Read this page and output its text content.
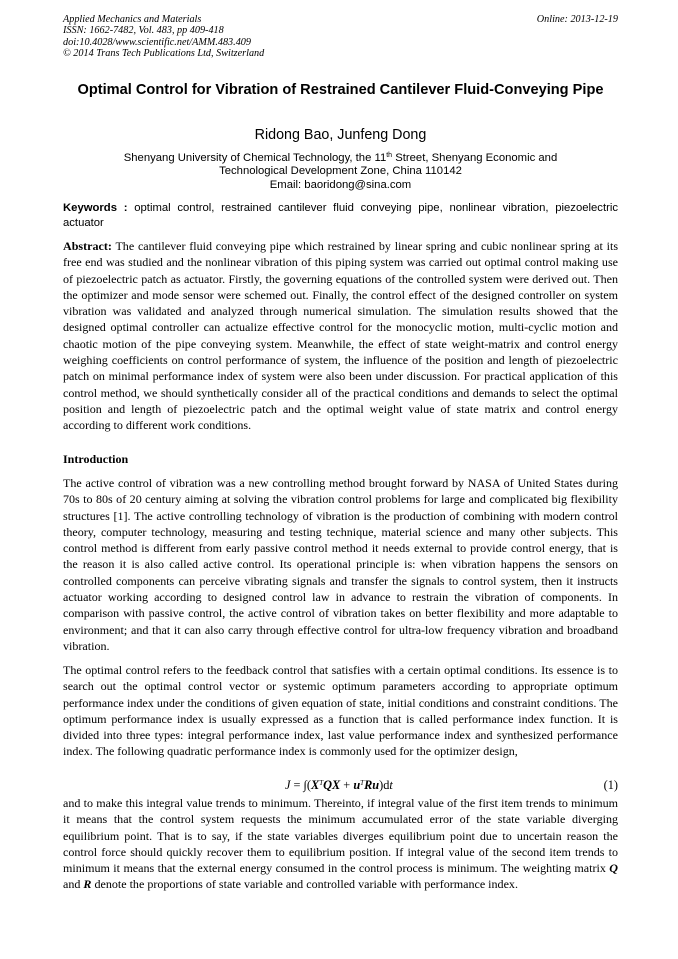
Applied Mechanics and Materials
ISSN: 1662-7482, Vol. 483, pp 409-418
doi:10.4028/www.scientific.net/AMM.483.409
© 2014 Trans Tech Publications Ltd, Switzerland
Online: 2013-12-19
Optimal Control for Vibration of Restrained Cantilever Fluid-Conveying Pipe
Ridong Bao, Junfeng Dong
Shenyang University of Chemical Technology, the 11th Street, Shenyang Economic and
Technological Development Zone, China 110142
Email: baoridong@sina.com
Keywords : optimal control, restrained cantilever fluid conveying pipe, nonlinear vibration, piezoelectric actuator
Abstract: The cantilever fluid conveying pipe which restrained by linear spring and cubic nonlinear spring at its free end was studied and the nonlinear vibration of this piping system was carried out optimal control making use of piezoelectric patch as actuator. Firstly, the governing equations of the controlled system were derived out. Then the optimizer and mode sensor were schemed out. Finally, the control effect of the designed controller on system vibration was validated and analyzed through numerical simulation. The simulation results showed that the designed optimal controller can actualize effective control for the monocyclic motion, multi-cyclic motion and chaotic motion of the pipe conveying system. Meanwhile, the effect of state weight-matrix and control energy weighing coefficients on control performance of system, the influence of the position and length of piezoelectric patch on minimal performance index of system were also been under discussion. For practical application of this control method, we should synthetically consider all of the practical conditions and demands to select the optimal position and length of piezoelectric patch and the optimal weight value of state matrix and control energy according to different work conditions.
Introduction
The active control of vibration was a new controlling method brought forward by NASA of United States during 70s to 80s of 20 century aiming at solving the vibration control problems for large and complicated big flexibility structures [1]. The active controlling technology of vibration is the production of combining with modern control theory, computer technology, measuring and testing technique, material science and many other subjects. This control method is different from early passive control method it needs external to provide control energy, that is the reason it is also called active control. Its operational principle is: when vibration happens the sensors on controlled components can perceive vibrating signals and transfer the signals to control system, then it instructs actuator working according to designed control law in advance to restrain the vibration of components. In comparison with passive control, the active control of vibration takes on better flexibility and more adaptable to environment; and that it can also carry through effective control for ultra-low frequency vibration and broadband vibration.
The optimal control refers to the feedback control that satisfies with a certain optimal conditions. Its essence is to search out the optimal control vector or systemic optimum parameters according to appropriate optimum performance index under the conditions of given equation of state, initial conditions and constraint conditions. The optimum performance index is usually expressed as a function that is called performance index function. It is divided into three types: integral performance index, last value performance index and synthesized performance index. The following quadratic performance index is commonly used for the optimizer design,
$J = \int(X^TQX + u^TRu)dt$	(1)
and to make this integral value trends to minimum. Thereinto, if integral value of the first item trends to minimum it means that the control system requests the minimum accumulated error of the state variable diverging equilibrium point. That is to say, if the state variables diverges equilibrium point due to uncertain reason the control force should quickly recover them to equilibrium position. If integral value of the second item trends to minimum it means that the external energy consumed in the control process is minimum. The weighting matrix Q and R denote the proportions of state variable and controlled variable with performance index.
